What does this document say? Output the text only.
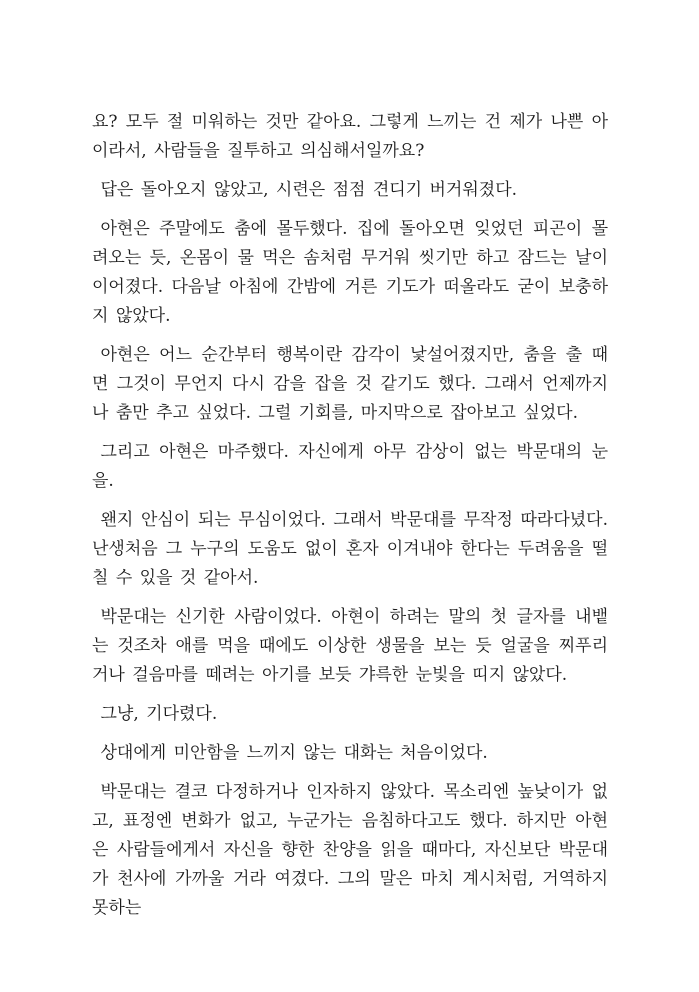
요? 모두 절 미워하는 것만 같아요. 그렇게 느끼는 건 제가 나쁜 아이라서, 사람들을 질투하고 의심해서일까요?

답은 돌아오지 않았고, 시련은 점점 견디기 버거워졌다.

아현은 주말에도 춤에 몰두했다. 집에 돌아오면 잊었던 피곤이 몰려오는 듯, 온몸이 물 먹은 솜처럼 무거워 씻기만 하고 잠드는 날이 이어졌다. 다음날 아침에 간밤에 거른 기도가 떠올라도 굳이 보충하지 않았다.

아현은 어느 순간부터 행복이란 감각이 낯설어졌지만, 춤을 출 때면 그것이 무언지 다시 감을 잡을 것 같기도 했다. 그래서 언제까지나 춤만 추고 싶었다. 그럴 기회를, 마지막으로 잡아보고 싶었다.

그리고 아현은 마주했다. 자신에게 아무 감상이 없는 박문대의 눈을.

왠지 안심이 되는 무심이었다. 그래서 박문대를 무작정 따라다녔다. 난생처음 그 누구의 도움도 없이 혼자 이겨내야 한다는 두려움을 떨칠 수 있을 것 같아서.

박문대는 신기한 사람이었다. 아현이 하려는 말의 첫 글자를 내뱉는 것조차 애를 먹을 때에도 이상한 생물을 보는 듯 얼굴을 찌푸리거나 걸음마를 떼려는 아기를 보듯 갸륵한 눈빛을 띠지 않았다.

그냥, 기다렸다.

상대에게 미안함을 느끼지 않는 대화는 처음이었다.

박문대는 결코 다정하거나 인자하지 않았다. 목소리엔 높낮이가 없고, 표정엔 변화가 없고, 누군가는 음침하다고도 했다. 하지만 아현은 사람들에게서 자신을 향한 찬양을 읽을 때마다, 자신보단 박문대가 천사에 가까울 거라 여겼다. 그의 말은 마치 계시처럼, 거역하지 못하는
